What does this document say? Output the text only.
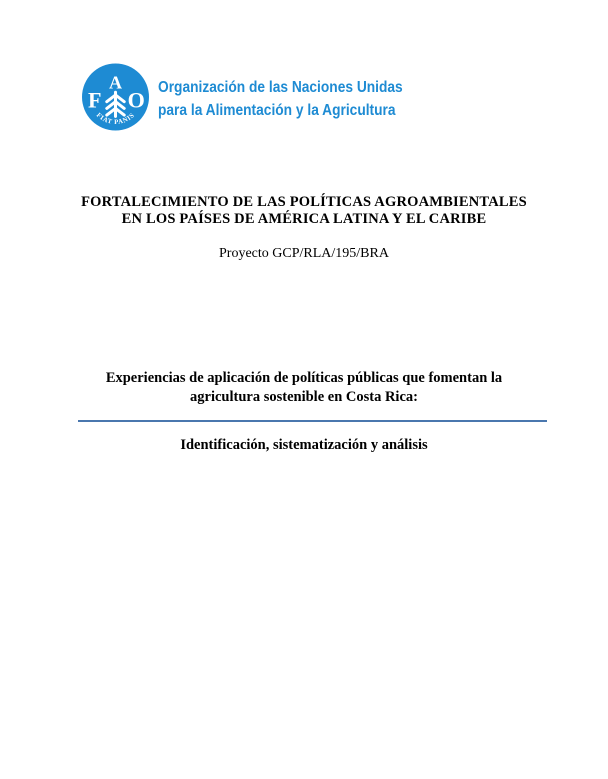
F
A
O
FIAT PANIS
Organización de las Naciones Unidas
para la Alimentación y la Agricultura
FORTALECIMIENTO DE LAS POLÍTICAS AGROAMBIENTALES
EN LOS PAÍSES DE AMÉRICA LATINA Y EL CARIBE
Proyecto GCP/RLA/195/BRA
Experiencias de aplicación de políticas públicas que fomentan la
agricultura sostenible en Costa Rica:
Identificación, sistematización y análisis
